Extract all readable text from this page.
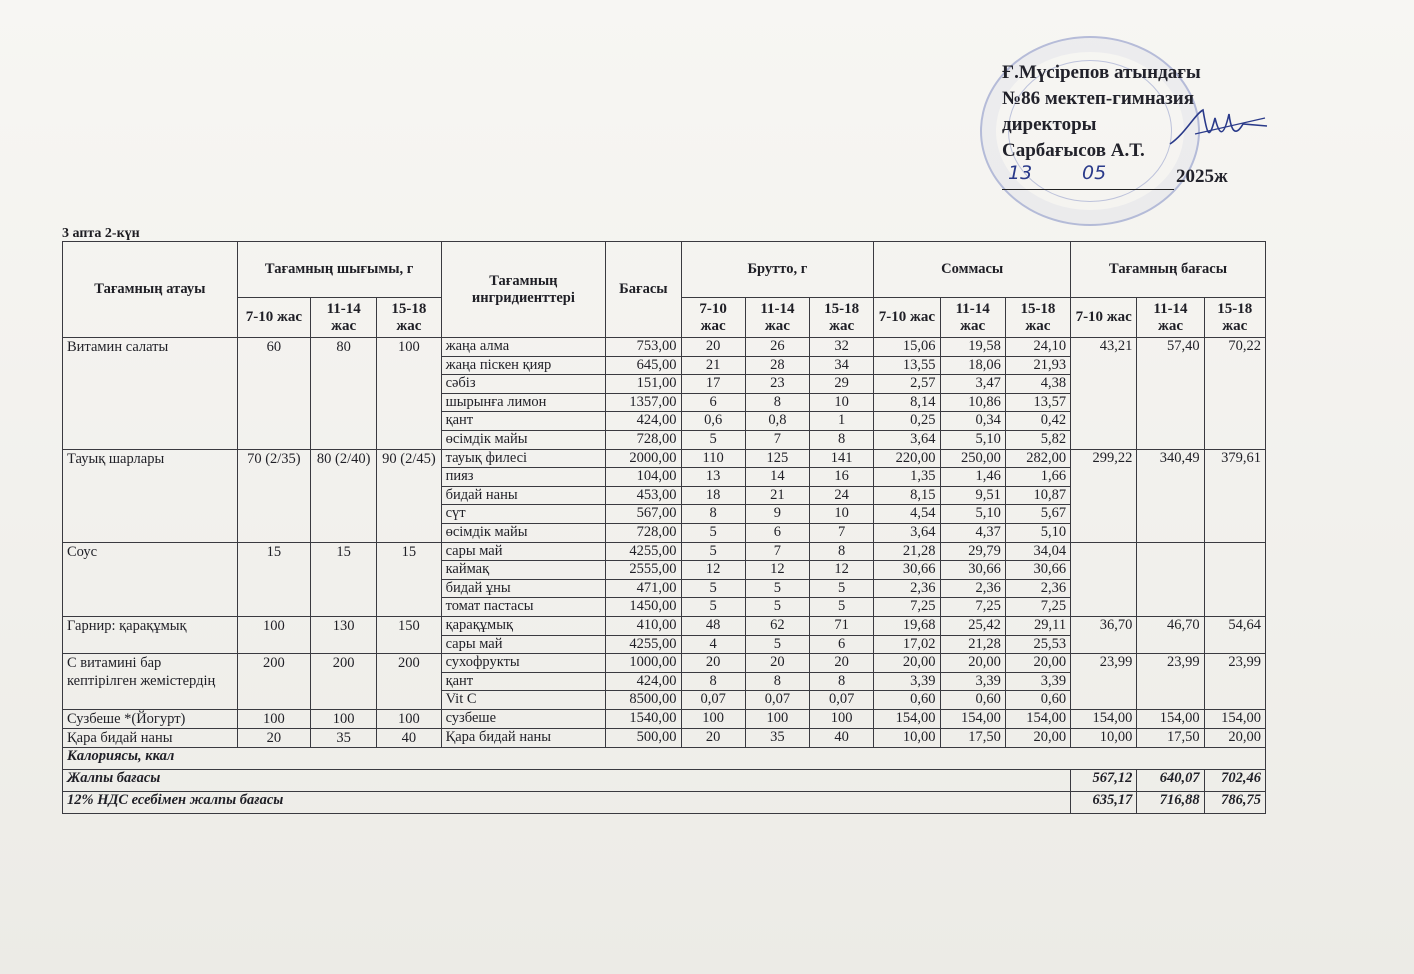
Ғ.Мүсірепов атындағы
№86 мектеп-гимназия
директоры
Сарбағысов А.Т.
13	05	2025ж
3 апта 2-күн
Тағамның атауы	Тағамның шығымы, г			Тағамның ингридиенттері	Бағасы	Брутто, г			Соммасы			Тағамның бағасы		
	7-10 жас	11-14 жас	15-18 жас			7-10 жас	11-14 жас	15-18 жас	7-10 жас	11-14 жас	15-18 жас	7-10 жас	11-14 жас	15-18 жас
Витамин салаты	60	80	100	жаңа алма	753,00	20	26	32	15,06	19,58	24,10	43,21	57,40	70,22
				жаңа піскен қияр	645,00	21	28	34	13,55	18,06	21,93			
				сәбіз	151,00	17	23	29	2,57	3,47	4,38			
				шырынға лимон	1357,00	6	8	10	8,14	10,86	13,57			
				қант	424,00	0,6	0,8	1	0,25	0,34	0,42			
				өсімдік майы	728,00	5	7	8	3,64	5,10	5,82			
Тауық шарлары	70 (2/35)	80 (2/40)	90 (2/45)	тауық филесі	2000,00	110	125	141	220,00	250,00	282,00	299,22	340,49	379,61
				пияз	104,00	13	14	16	1,35	1,46	1,66			
				бидай наны	453,00	18	21	24	8,15	9,51	10,87			
				сүт	567,00	8	9	10	4,54	5,10	5,67			
				өсімдік майы	728,00	5	6	7	3,64	4,37	5,10			
Соус	15	15	15	сары май	4255,00	5	7	8	21,28	29,79	34,04			
				каймақ	2555,00	12	12	12	30,66	30,66	30,66			
				бидай ұны	471,00	5	5	5	2,36	2,36	2,36			
				томат пастасы	1450,00	5	5	5	7,25	7,25	7,25			
Гарнир: қарақұмық	100	130	150	қарақұмық	410,00	48	62	71	19,68	25,42	29,11	36,70	46,70	54,64
				сары май	4255,00	4	5	6	17,02	21,28	25,53			
С витамині бар кептірілген жемістердің	200	200	200	сухофрукты	1000,00	20	20	20	20,00	20,00	20,00	23,99	23,99	23,99
				қант	424,00	8	8	8	3,39	3,39	3,39			
				Vit C	8500,00	0,07	0,07	0,07	0,60	0,60	0,60			
Сузбеше *(Йогурт)	100	100	100	сузбеше	1540,00	100	100	100	154,00	154,00	154,00	154,00	154,00	154,00
Қара бидай наны	20	35	40	Қара бидай наны	500,00	20	35	40	10,00	17,50	20,00	10,00	17,50	20,00
Калориясы, ккал														
Жалпы бағасы												567,12	640,07	702,46
12% НДС есебімен жалпы бағасы												635,17	716,88	786,75
